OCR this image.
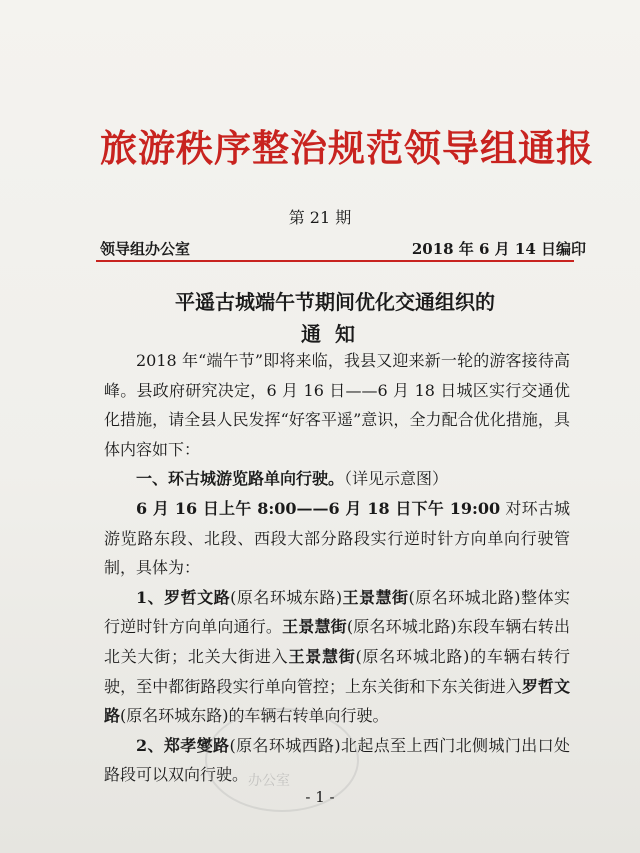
旅游秩序整治规范领导组通报
第 21 期
领导组办公室	2018 年 6 月 14 日编印
平遥古城端午节期间优化交通组织的
通知

2018 年“端午节”即将来临，我县又迎来新一轮的游客接待高峰。县政府研究决定，6 月 16 日——6 月 18 日城区实行交通优化措施，请全县人民发挥“好客平遥”意识，全力配合优化措施，具体内容如下：

一、环古城游览路单向行驶。（详见示意图）

6 月 16 日上午 8:00——6 月 18 日下午 19:00 对环古城游览路东段、北段、西段大部分路段实行逆时针方向单向行驶管制，具体为：

1、罗哲文路(原名环城东路)王景慧街(原名环城北路)整体实行逆时针方向单向通行。王景慧街(原名环城北路)东段车辆右转出北关大街；北关大街进入王景慧街(原名环城北路)的车辆右转行驶，至中都街路段实行单向管控；上东关街和下东关街进入罗哲文路(原名环城东路)的车辆右转单向行驶。

2、郑孝燮路(原名环城西路)北起点至上西门北侧城门出口处路段可以双向行驶。 办公室
- 1 -
